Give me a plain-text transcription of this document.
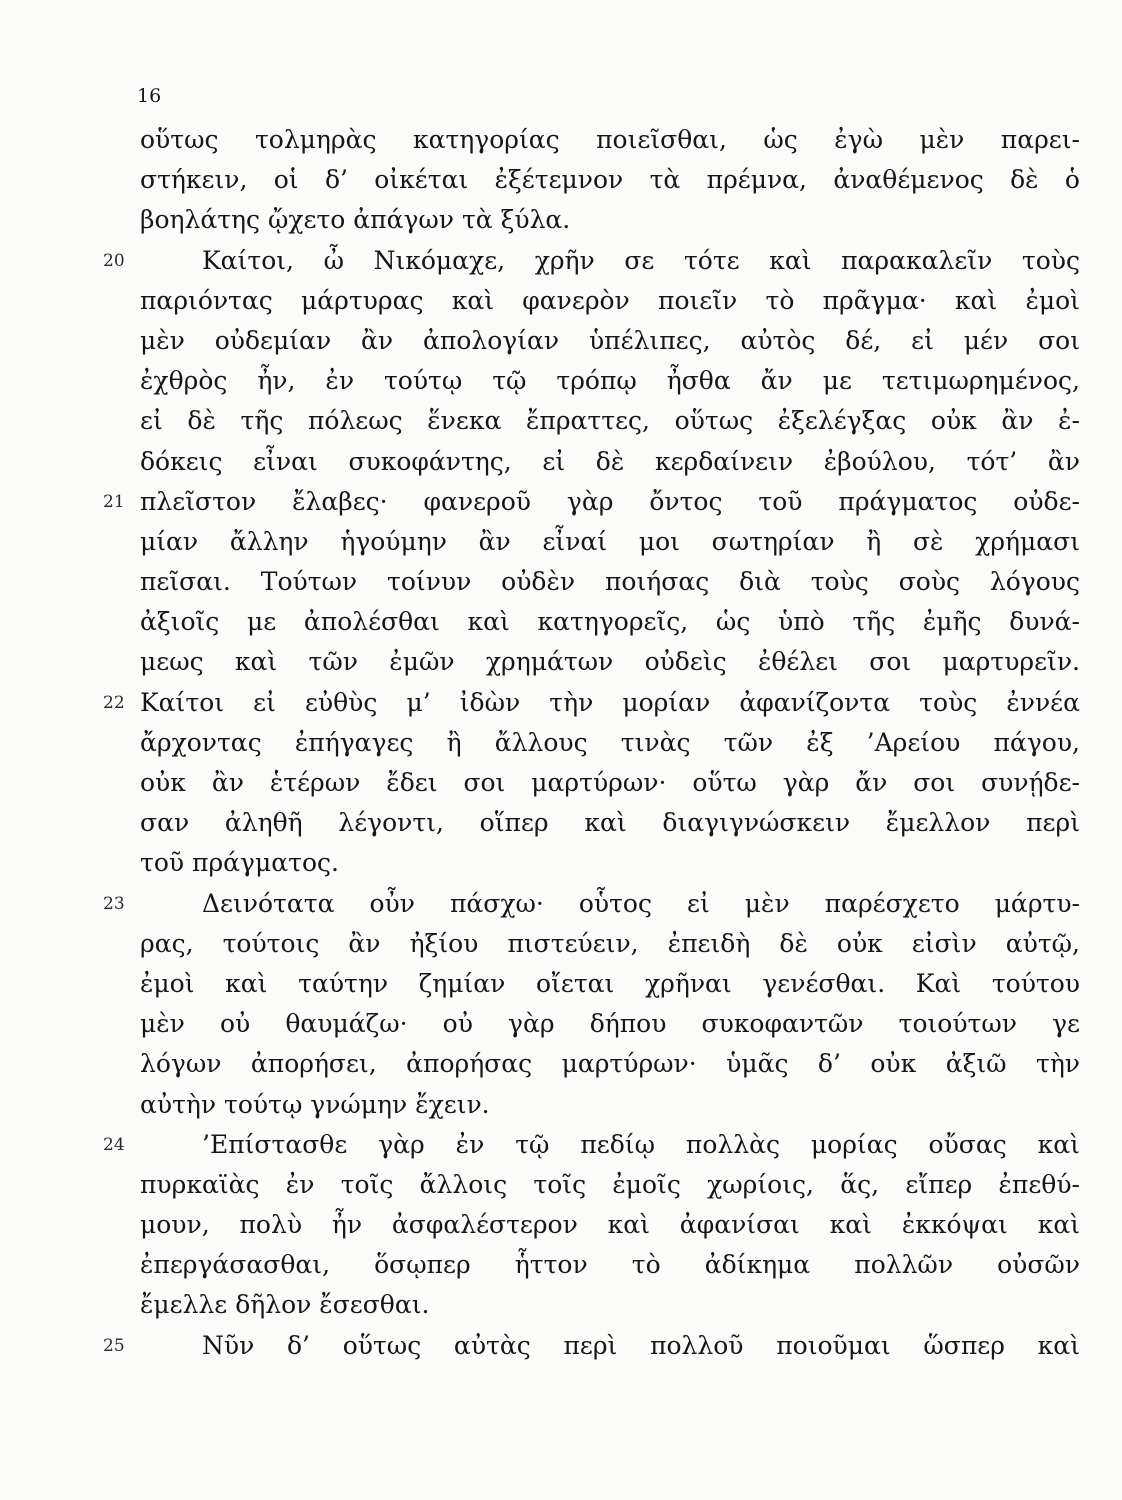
16
οὕτως τολμηρὰς κατηγορίας ποιεῖσθαι, ὡς ἐγὼ μὲν παρει-
στήκειν, οἱ δ’ οἰκέται ἐξέτεμνον τὰ πρέμνα, ἀναθέμενος δὲ ὁ
βοηλάτης ᾤχετο ἀπάγων τὰ ξύλα.
20	Καίτοι, ὦ Νικόμαχε, χρῆν σε τότε καὶ παρακαλεῖν τοὺς
παριόντας μάρτυρας καὶ φανερὸν ποιεῖν τὸ πρᾶγμα· καὶ ἐμοὶ
μὲν οὐδεμίαν ἂν ἀπολογίαν ὑπέλιπες, αὐτὸς δέ, εἰ μέν σοι
ἐχθρὸς ἦν, ἐν τούτῳ τῷ τρόπῳ ἦσθα ἄν με τετιμωρημένος,
εἰ δὲ τῆς πόλεως ἕνεκα ἔπραττες, οὕτως ἐξελέγξας οὐκ ἂν ἐ-
δόκεις εἶναι συκοφάντης, εἰ δὲ κερδαίνειν ἐβούλου, τότ’ ἂν
21 πλεῖστον ἔλαβες· φανεροῦ γὰρ ὄντος τοῦ πράγματος οὐδε-
μίαν ἄλλην ἡγούμην ἂν εἶναί μοι σωτηρίαν ἢ σὲ χρήμασι
πεῖσαι. Τούτων τοίνυν οὐδὲν ποιήσας διὰ τοὺς σοὺς λόγους
ἀξιοῖς με ἀπολέσθαι καὶ κατηγορεῖς, ὡς ὑπὸ τῆς ἐμῆς δυνά-
μεως καὶ τῶν ἐμῶν χρημάτων οὐδεὶς ἐθέλει σοι μαρτυρεῖν.
22 Καίτοι εἰ εὐθὺς μ’ ἰδὼν τὴν μορίαν ἀφανίζοντα τοὺς ἐννέα
ἄρχοντας ἐπήγαγες ἢ ἄλλους τινὰς τῶν ἐξ ’Αρείου πάγου,
οὐκ ἂν ἑτέρων ἔδει σοι μαρτύρων· οὕτω γὰρ ἄν σοι συνῄδε-
σαν ἀληθῆ λέγοντι, οἵπερ καὶ διαγιγνώσκειν ἔμελλον περὶ
τοῦ πράγματος.
23	Δεινότατα οὖν πάσχω· οὗτος εἰ μὲν παρέσχετο μάρτυ-
ρας, τούτοις ἂν ἠξίου πιστεύειν, ἐπειδὴ δὲ οὐκ εἰσὶν αὐτῷ,
ἐμοὶ καὶ ταύτην ζημίαν οἴεται χρῆναι γενέσθαι. Καὶ τούτου
μὲν οὐ θαυμάζω· οὐ γὰρ δήπου συκοφαντῶν τοιούτων γε
λόγων ἀπορήσει, ἀπορήσας μαρτύρων· ὑμᾶς δ’ οὐκ ἀξιῶ τὴν
αὐτὴν τούτῳ γνώμην ἔχειν.
24	’Επίστασθε γὰρ ἐν τῷ πεδίῳ πολλὰς μορίας οὔσας καὶ
πυρκαϊὰς ἐν τοῖς ἄλλοις τοῖς ἐμοῖς χωρίοις, ἅς, εἴπερ ἐπεθύ-
μουν, πολὺ ἦν ἀσφαλέστερον καὶ ἀφανίσαι καὶ ἐκκόψαι καὶ
ἐπεργάσασθαι, ὅσῳπερ ἧττον τὸ ἀδίκημα πολλῶν οὐσῶν
ἔμελλε δῆλον ἔσεσθαι.
25	Νῦν δ’ οὕτως αὐτὰς περὶ πολλοῦ ποιοῦμαι ὥσπερ καὶ
